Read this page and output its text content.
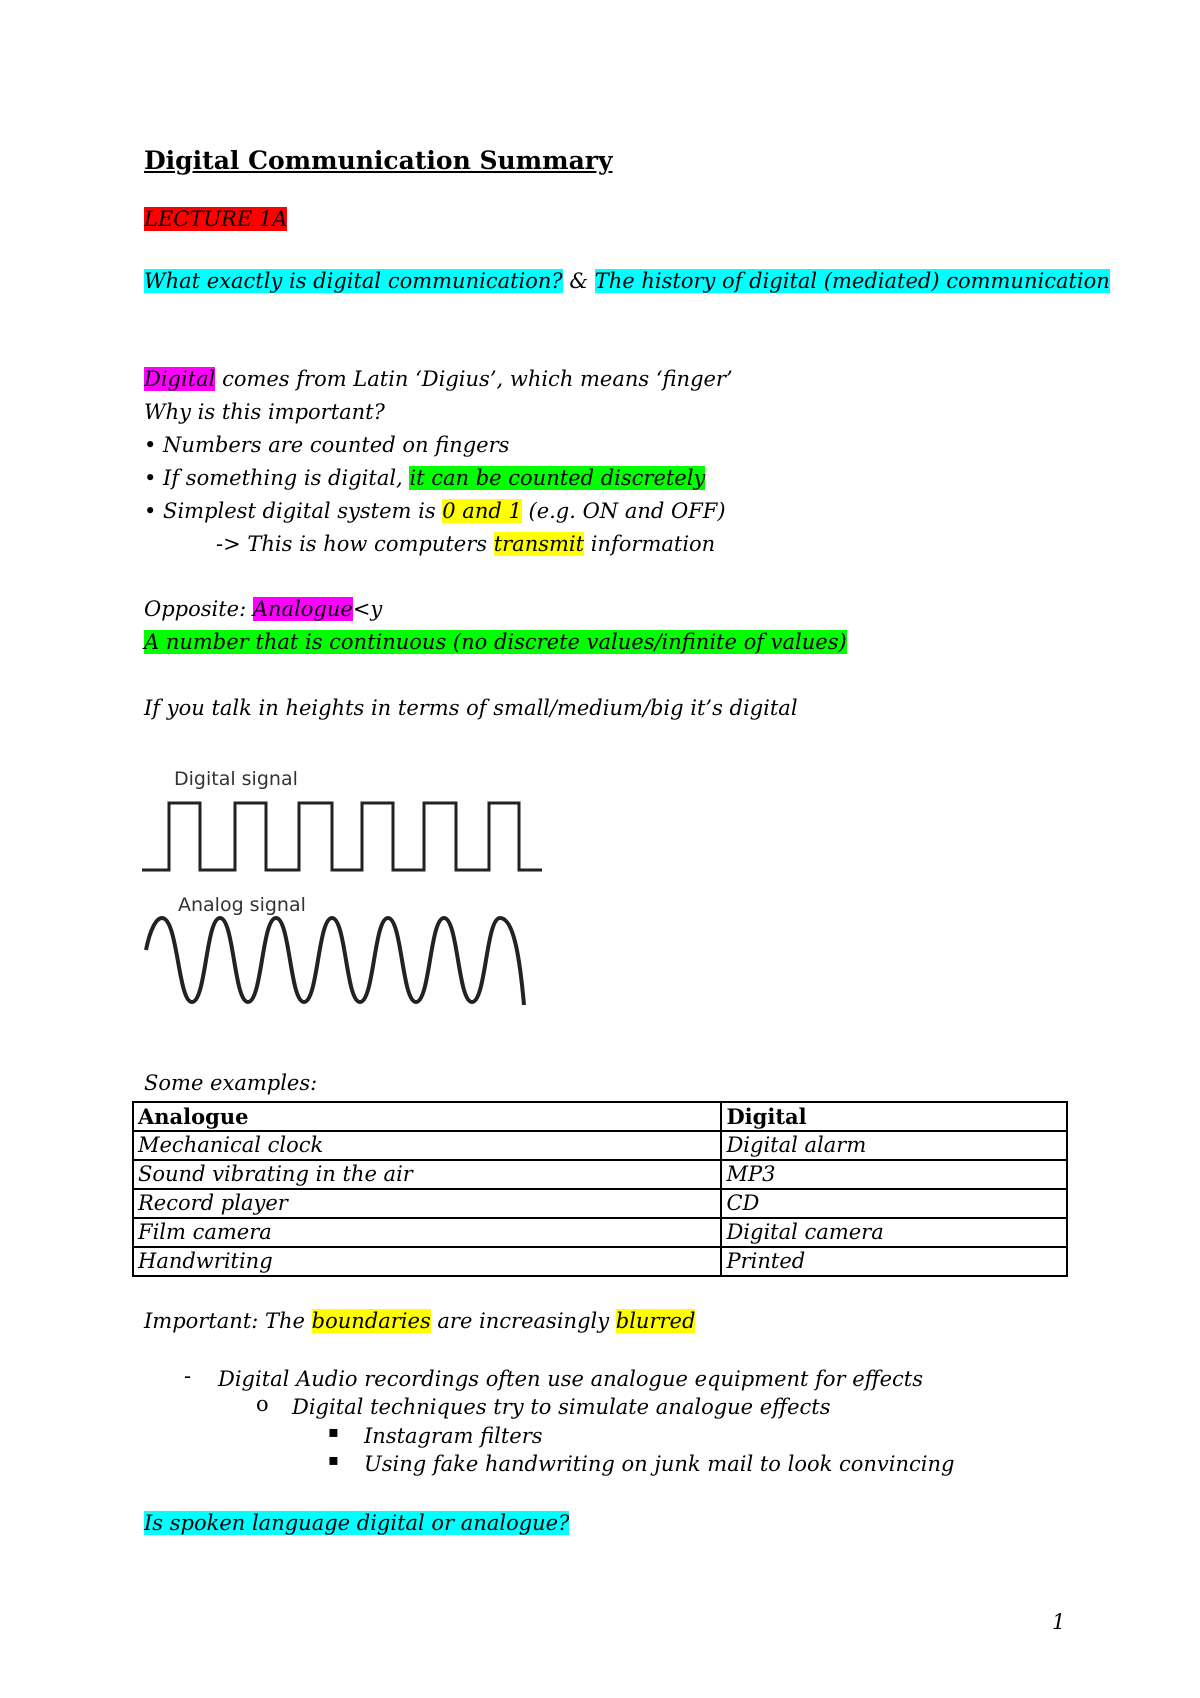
Digital Communication Summary
LECTURE 1A
What exactly is digital communication? & The history of digital (mediated) communication
Digital comes from Latin ‘Digius’, which means ‘finger’
Why is this important?
• Numbers are counted on fingers
• If something is digital, it can be counted discretely
• Simplest digital system is 0 and 1 (e.g. ON and OFF)
-> This is how computers transmit information
Opposite: Analogue<y
A number that is continuous (no discrete values/infinite of values)
If you talk in heights in terms of small/medium/big it’s digital
Digital signal
Analog signal
Some examples:
Analogue	Digital
Mechanical clock	Digital alarm
Sound vibrating in the air	MP3
Record player	CD
Film camera	Digital camera
Handwriting	Printed
Important: The boundaries are increasingly blurred
- Digital Audio recordings often use analogue equipment for effects
o Digital techniques try to simulate analogue effects
▪ Instagram filters
▪ Using fake handwriting on junk mail to look convincing
Is spoken language digital or analogue?
1
